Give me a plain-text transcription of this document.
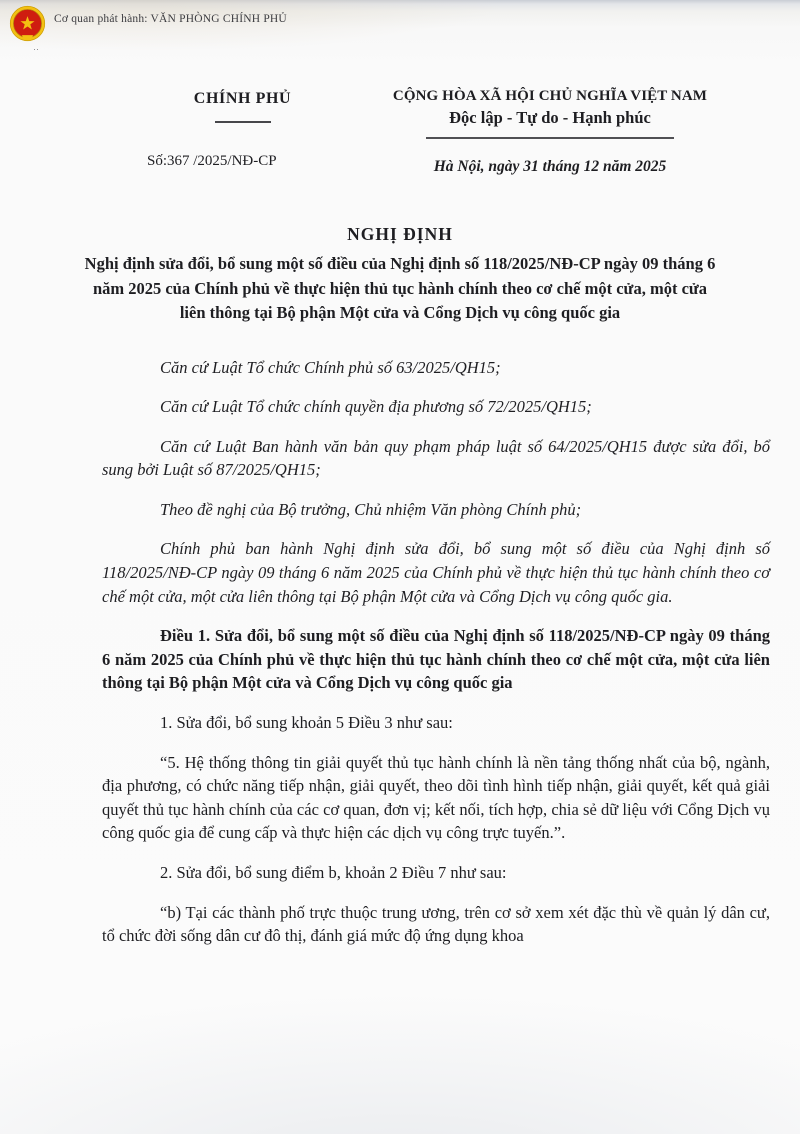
Cơ quan phát hành: VĂN PHÒNG CHÍNH PHỦ
‥
CHÍNH PHỦ
Số:367 /2025/NĐ-CP
CỘNG HÒA XÃ HỘI CHỦ NGHĨA VIỆT NAM
Độc lập - Tự do - Hạnh phúc
Hà Nội, ngày 31 tháng 12 năm 2025
NGHỊ ĐỊNH
Nghị định sửa đổi, bổ sung một số điều của Nghị định số 118/2025/NĐ-CP ngày 09 tháng 6 năm 2025 của Chính phủ về thực hiện thủ tục hành chính theo cơ chế một cửa, một cửa liên thông tại Bộ phận Một cửa và Cổng Dịch vụ công quốc gia

Căn cứ Luật Tổ chức Chính phủ số 63/2025/QH15;

Căn cứ Luật Tổ chức chính quyền địa phương số 72/2025/QH15;

Căn cứ Luật Ban hành văn bản quy phạm pháp luật số 64/2025/QH15 được sửa đổi, bổ sung bởi Luật số 87/2025/QH15;

Theo đề nghị của Bộ trưởng, Chủ nhiệm Văn phòng Chính phủ;

Chính phủ ban hành Nghị định sửa đổi, bổ sung một số điều của Nghị định số 118/2025/NĐ-CP ngày 09 tháng 6 năm 2025 của Chính phủ về thực hiện thủ tục hành chính theo cơ chế một cửa, một cửa liên thông tại Bộ phận Một cửa và Cổng Dịch vụ công quốc gia.

Điều 1. Sửa đổi, bổ sung một số điều của Nghị định số 118/2025/NĐ-CP ngày 09 tháng 6 năm 2025 của Chính phủ về thực hiện thủ tục hành chính theo cơ chế một cửa, một cửa liên thông tại Bộ phận Một cửa và Cổng Dịch vụ công quốc gia

1. Sửa đổi, bổ sung khoản 5 Điều 3 như sau:

“5. Hệ thống thông tin giải quyết thủ tục hành chính là nền tảng thống nhất của bộ, ngành, địa phương, có chức năng tiếp nhận, giải quyết, theo dõi tình hình tiếp nhận, giải quyết, kết quả giải quyết thủ tục hành chính của các cơ quan, đơn vị; kết nối, tích hợp, chia sẻ dữ liệu với Cổng Dịch vụ công quốc gia để cung cấp và thực hiện các dịch vụ công trực tuyến.”.

2. Sửa đổi, bổ sung điểm b, khoản 2 Điều 7 như sau:

“b) Tại các thành phố trực thuộc trung ương, trên cơ sở xem xét đặc thù về quản lý dân cư, tổ chức đời sống dân cư đô thị, đánh giá mức độ ứng dụng khoa
